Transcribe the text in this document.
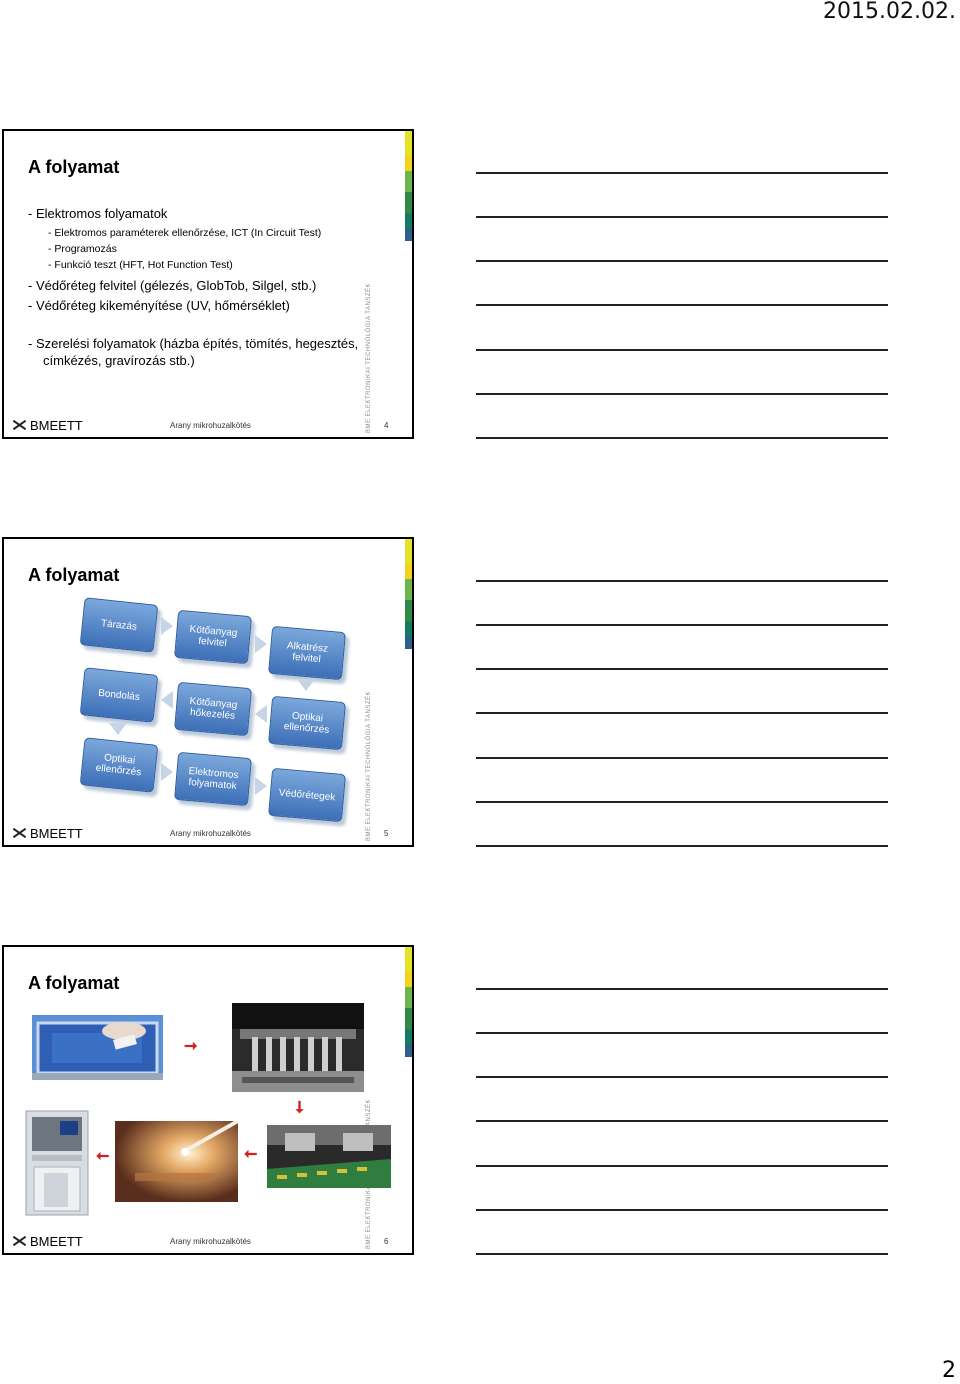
2015.02.02.
BME ELEKTRONIKAI TECHNOLÓGIA TANSZÉK
A folyamat

- Elektromos folyamatok

- Elektromos paraméterek ellenőrzése, ICT (In Circuit Test)

- Programozás

- Funkció teszt (HFT, Hot Function Test)

- Védőréteg felvitel (gélezés, GlobTob, Silgel, stb.)

- Védőréteg kikeményítése (UV, hőmérséklet)

- Szerelési folyamatok (házba építés, tömítés, hegesztés, címkézés, gravírozás stb.)

BMEETT	Arany mikrohuzalkötés	4
BME ELEKTRONIKAI TECHNOLÓGIA TANSZÉK
A folyamat
Tárazás	Kötőanyag felvitel	Alkatrész felvitel
Bondolás
Kötőanyag hőkezelés	Optikai ellenőrzés
Optikai ellenőrzés	Elektromos folyamatok
Védőrétegek
BMEETT	Arany mikrohuzalkötés	5
A folyamat
➞
➞
➞	➞
BMEETT	Arany mikrohuzalkötés	6
2
